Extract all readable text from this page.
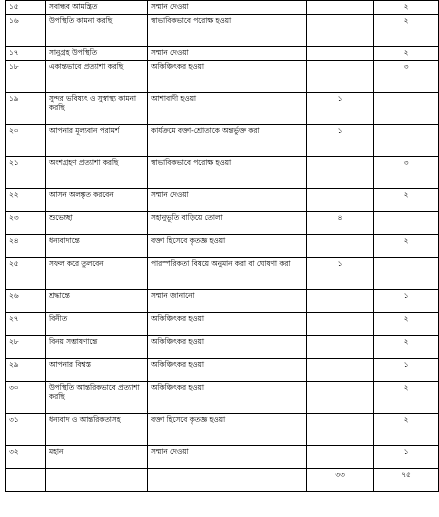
১৫	সবান্ধব আমন্ত্রিত	সম্মান দেওয়া		২
১৬	উপস্থিতি কামনা করছি	স্বাভাবিকভাবে পরোক্ষ হওয়া		২
১৭	সানুগ্রহ উপস্থিতি	সম্মান দেওয়া		২
১৮	একান্তভাবে প্রত্যাশা করছি	অকিঞ্চিৎকর হওয়া		৩
১৯	সুন্দর ভবিষ্যৎ ও সুস্বাস্থ্য কামনা করছি	আশাবাদী হওয়া	১	
২০	আপনার মূল্যবান পরামর্শ	কার্যক্রমে বক্তা-শ্রোতাকে অন্তর্ভুক্ত করা	১	
২১	অংশগ্রহণ প্রত্যাশা করছি	স্বাভাবিকভাবে পরোক্ষ হওয়া		৩
২২	আসন অলঙ্কৃত করবেন	সম্মান দেওয়া		২
২৩	শুভেচ্ছা	সহানুভূতি বাড়িয়ে তোলা	৪	
২৪	ধন্যবাদান্তে	বক্তা হিসেবে কৃতজ্ঞ হওয়া		২
২৫	সফল করে তুলবেন	পারস্পরিকতা বিষয়ে অনুমান করা বা ঘোষণা করা	১	
২৬	শ্রদ্ধান্তে	সম্মান জানানো		১
২৭	বিনীত	অকিঞ্চিৎকর হওয়া		২
২৮	বিনয় সম্ভাষণান্তে	অকিঞ্চিৎকর হওয়া		২
২৯	আপনার বিশ্বস্ত	অকিঞ্চিৎকর হওয়া		১
৩০	উপস্থিতি আন্তরিকভাবে প্রত্যাশা করছি	অকিঞ্চিৎকর হওয়া		২
৩১	ধন্যবাদ ও আন্তরিকতাসহ	বক্তা হিসেবে কৃতজ্ঞ হওয়া		২
৩২	মহান	সম্মান দেওয়া		১
			৩৩	৭৫
